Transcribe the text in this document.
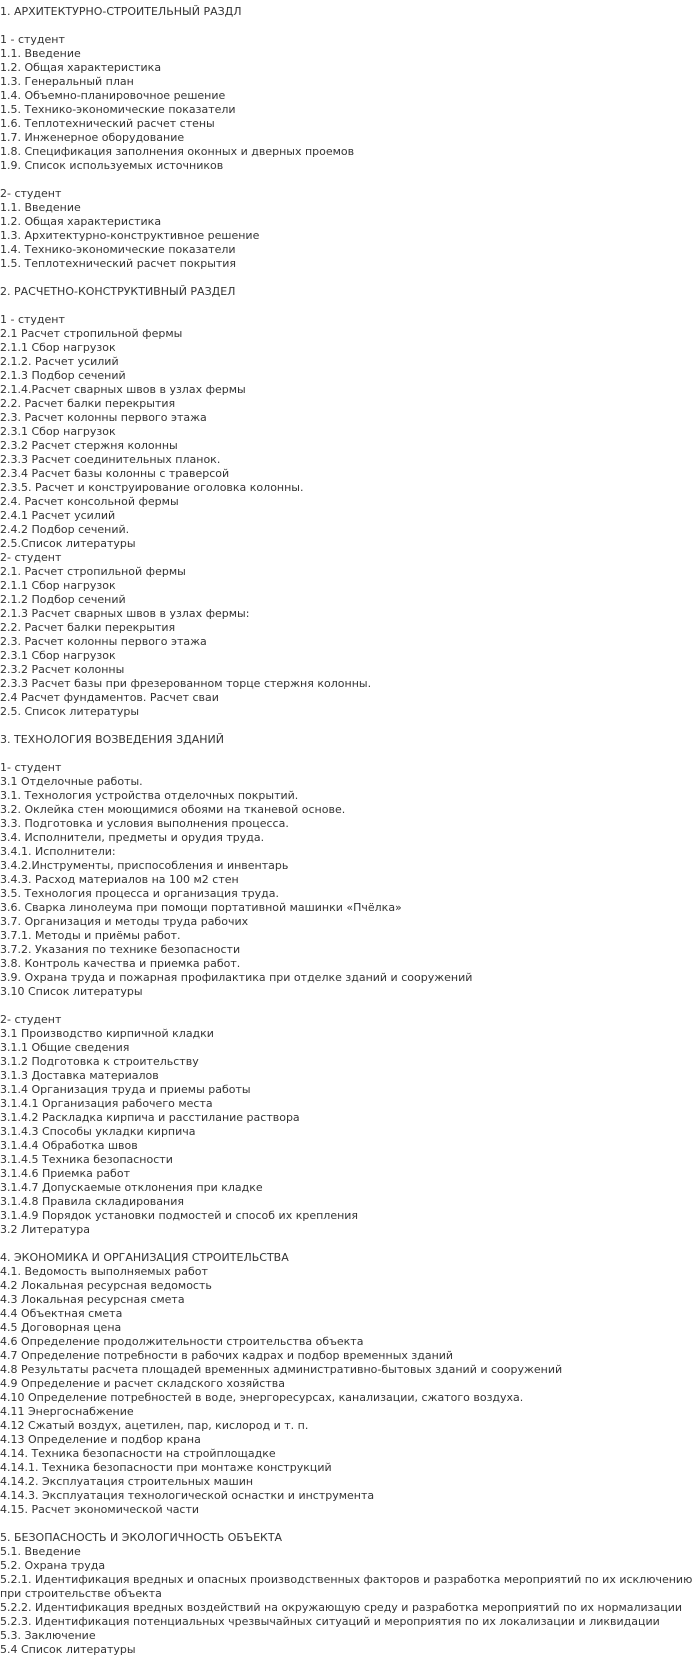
1. АРХИТЕКТУРНО-СТРОИТЕЛЬНЫЙ РАЗДЛ
1 - студент
1.1. Введение
1.2. Общая характеристика
1.3. Генеральный план
1.4. Объемно-планировочное решение
1.5. Технико-экономические показатели
1.6. Теплотехнический расчет стены
1.7. Инженерное оборудование
1.8. Спецификация заполнения оконных и дверных проемов
1.9. Список используемых источников
2- студент
1.1. Введение
1.2. Общая характеристика
1.3. Архитектурно-конструктивное решение
1.4. Технико-экономические показатели
1.5. Теплотехнический расчет покрытия
2. РАСЧЕТНО-КОНСТРУКТИВНЫЙ РАЗДЕЛ
1 - студент
2.1 Расчет стропильной фермы
2.1.1 Сбор нагрузок
2.1.2. Расчет усилий
2.1.3 Подбор сечений
2.1.4.Расчет сварных швов в узлах фермы
2.2. Расчет балки перекрытия
2.3. Расчет колонны первого этажа
2.3.1 Сбор нагрузок
2.3.2 Расчет стержня колонны
2.3.3 Расчет соединительных планок.
2.3.4 Расчет базы колонны с траверсой
2.3.5. Расчет и конструирование оголовка колонны.
2.4. Расчет консольной фермы
2.4.1 Расчет усилий
2.4.2 Подбор сечений.
2.5.Список литературы
2- студент
2.1. Расчет стропильной фермы
2.1.1 Сбор нагрузок
2.1.2 Подбор сечений
2.1.3 Расчет сварных швов в узлах фермы:
2.2. Расчет балки перекрытия
2.3. Расчет колонны первого этажа
2.3.1 Сбор нагрузок
2.3.2 Расчет колонны
2.3.3 Расчет базы при фрезерованном торце стержня колонны.
2.4 Расчет фундаментов. Расчет сваи
2.5. Список литературы
3. ТЕХНОЛОГИЯ ВОЗВЕДЕНИЯ ЗДАНИЙ
1- студент
3.1 Отделочные работы.
3.1. Технология устройства отделочных покрытий.
3.2. Оклейка стен моющимися обоями на тканевой основе.
3.3. Подготовка и условия выполнения процесса.
3.4. Исполнители, предметы и орудия труда.
3.4.1. Исполнители:
3.4.2.Инструменты, приспособления и инвентарь
3.4.3. Расход материалов на 100 м2 стен
3.5. Технология процесса и организация труда.
3.6. Сварка линолеума при помощи портативной машинки «Пчёлка»
3.7. Организация и методы труда рабочих
3.7.1. Методы и приёмы работ.
3.7.2. Указания по технике безопасности
3.8. Контроль качества и приемка работ.
3.9. Охрана труда и пожарная профилактика при отделке зданий и сооружений
3.10 Список литературы
2- студент
3.1 Производство кирпичной кладки
3.1.1 Общие сведения
3.1.2 Подготовка к строительству
3.1.3 Доставка материалов
3.1.4 Организация труда и приемы работы
3.1.4.1 Организация рабочего места
3.1.4.2 Раскладка кирпича и расстилание раствора
3.1.4.3 Способы укладки кирпича
3.1.4.4 Обработка швов
3.1.4.5 Техника безопасности
3.1.4.6 Приемка работ
3.1.4.7 Допускаемые отклонения при кладке
3.1.4.8 Правила складирования
3.1.4.9 Порядок установки подмостей и способ их крепления
3.2 Литература
4. ЭКОНОМИКА И ОРГАНИЗАЦИЯ СТРОИТЕЛЬСТВА
4.1. Ведомость выполняемых работ
4.2 Локальная ресурсная ведомость
4.3 Локальная ресурсная смета
4.4 Объектная смета
4.5 Договорная цена
4.6 Определение продолжительности строительства объекта
4.7 Определение потребности в рабочих кадрах и подбор временных зданий
4.8 Результаты расчета площадей временных административно-бытовых зданий и сооружений
4.9 Определение и расчет складского хозяйства
4.10 Определение потребностей в воде, энергоресурсах, канализации, сжатого воздуха.
4.11 Энергоснабжение
4.12 Сжатый воздух, ацетилен, пар, кислород и т. п.
4.13 Определение и подбор крана
4.14. Техника безопасности на стройплощадке
4.14.1. Техника безопасности при монтаже конструкций
4.14.2. Эксплуатация строительных машин
4.14.3. Эксплуатация технологической оснастки и инструмента
4.15. Расчет экономической части
5. БЕЗОПАСНОСТЬ И ЭКОЛОГИЧНОСТЬ ОБЪЕКТА
5.1. Введение
5.2. Охрана труда
5.2.1. Идентификация вредных и опасных производственных факторов и разработка мероприятий по их исключению при строительстве объекта
5.2.2. Идентификация вредных воздействий на окружающую среду и разработка мероприятий по их нормализации
5.2.3. Идентификация потенциальных чрезвычайных ситуаций и мероприятия по их локализации и ликвидации
5.3. Заключение
5.4 Список литературы
